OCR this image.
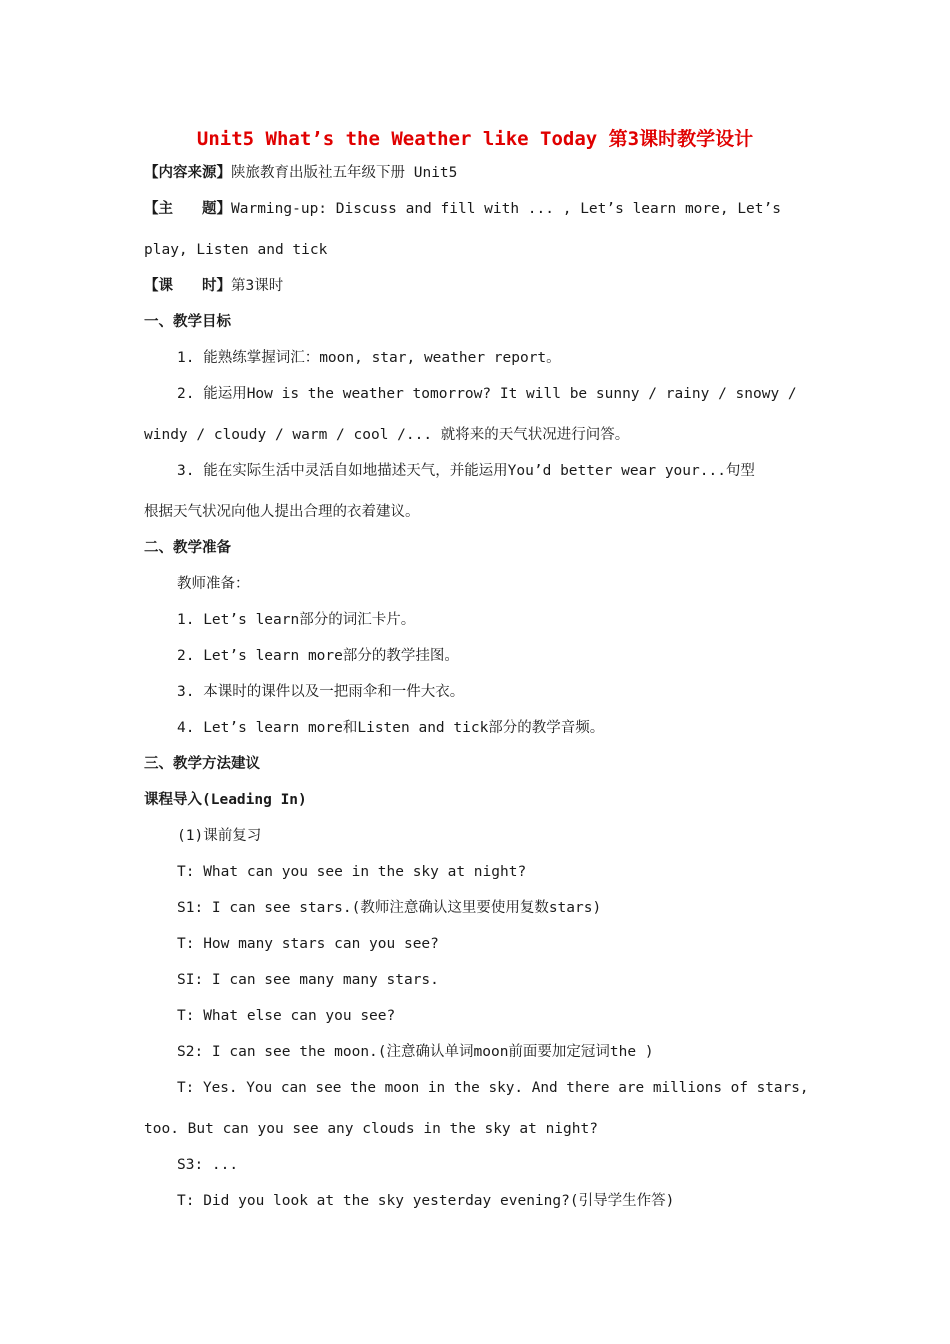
Unit5 What’s the Weather like Today 第3课时教学设计
【内容来源】陕旅教育出版社五年级下册 Unit5
【主　　题】Warming-up: Discuss and fill with ... , Let’s learn more, Let’s
play, Listen and tick
【课　　时】第3课时
一、教学目标
1. 能熟练掌握词汇：moon, star, weather report。
2. 能运用How is the weather tomorrow? It will be sunny / rainy / snowy /
windy / cloudy / warm / cool /... 就将来的天气状况进行问答。
3. 能在实际生活中灵活自如地描述天气，并能运用You’d better wear your...句型
根据天气状况向他人提出合理的衣着建议。
二、教学准备
教师准备：
1. Let’s learn部分的词汇卡片。
2. Let’s learn more部分的教学挂图。
3. 本课时的课件以及一把雨伞和一件大衣。
4. Let’s learn more和Listen and tick部分的教学音频。
三、教学方法建议
课程导入(Leading In)
(1)课前复习
T: What can you see in the sky at night?
S1: I can see stars.(教师注意确认这里要使用复数stars)
T: How many stars can you see?
SI: I can see many many stars.
T: What else can you see?
S2: I can see the moon.(注意确认单词moon前面要加定冠词the )
T: Yes. You can see the moon in the sky. And there are millions of stars,
too. But can you see any clouds in the sky at night?
S3: ...
T: Did you look at the sky yesterday evening?(引导学生作答)
